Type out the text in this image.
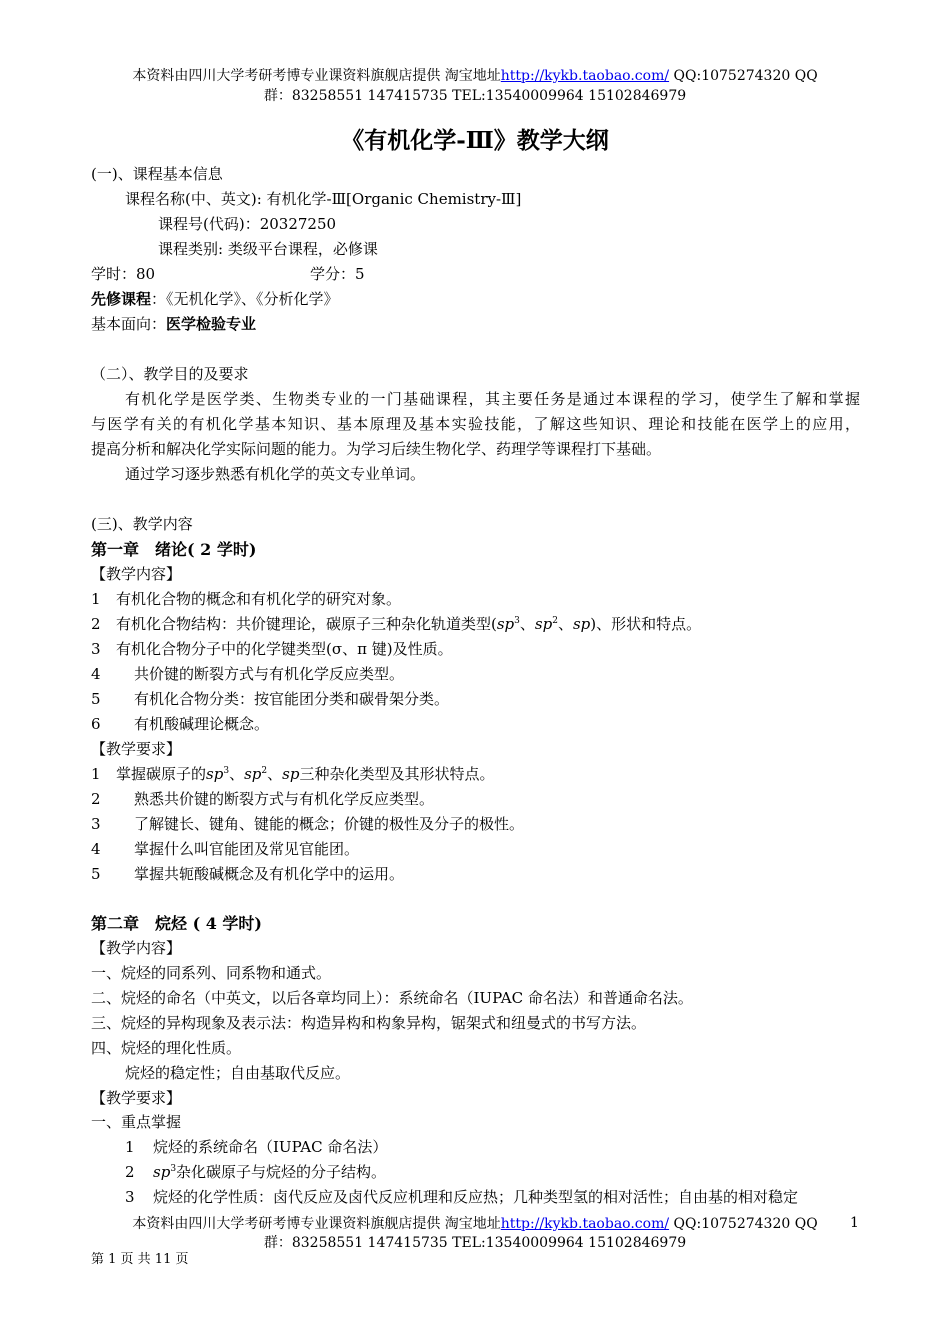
本资料由四川大学考研考博专业课资料旗舰店提供 淘宝地址http://kykb.taobao.com/ QQ:1075274320 QQ
群：83258551 147415735 TEL:13540009964 15102846979
《有机化学-Ⅲ》教学大纲
(一)、课程基本信息
课程名称(中、英文): 有机化学-Ⅲ[Organic Chemistry-Ⅲ]
课程号(代码)：20327250
课程类别: 类级平台课程，必修课
学时：80	学分：5
先修课程：《无机化学》、《分析化学》
基本面向：医学检验专业
（二）、教学目的及要求
有机化学是医学类、生物类专业的一门基础课程，其主要任务是通过本课程的学习，使学生了解和掌握
与医学有关的有机化学基本知识、基本原理及基本实验技能，了解这些知识、理论和技能在医学上的应用，
提高分析和解决化学实际问题的能力。为学习后续生物化学、药理学等课程打下基础。
通过学习逐步熟悉有机化学的英文专业单词。
(三)、教学内容
第一章　绪论( 2 学时)
【教学内容】
1 有机化合物的概念和有机化学的研究对象。
2 有机化合物结构：共价键理论，碳原子三种杂化轨道类型($sp^3$、$sp^2$、sp)、形状和特点。
3 有机化合物分子中的化学键类型(σ、π 键)及性质。
4 共价键的断裂方式与有机化学反应类型。
5 有机化合物分类：按官能团分类和碳骨架分类。
6 有机酸碱理论概念。
【教学要求】
1 掌握碳原子的$sp^3$、$sp^2$、sp三种杂化类型及其形状特点。
2 熟悉共价键的断裂方式与有机化学反应类型。
3 了解键长、键角、键能的概念；价键的极性及分子的极性。
4 掌握什么叫官能团及常见官能团。
5 掌握共轭酸碱概念及有机化学中的运用。
第二章　烷烃 ( 4 学时)
【教学内容】
一、烷烃的同系列、同系物和通式。
二、烷烃的命名（中英文，以后各章均同上）：系统命名（IUPAC 命名法）和普通命名法。
三、烷烃的异构现象及表示法：构造异构和构象异构，锯架式和纽曼式的书写方法。
四、烷烃的理化性质。
烷烃的稳定性；自由基取代反应。
【教学要求】
一、重点掌握
1 烷烃的系统命名（IUPAC 命名法）
2 $sp^3$杂化碳原子与烷烃的分子结构。
3 烷烃的化学性质：卤代反应及卤代反应机理和反应热；几种类型氢的相对活性；自由基的相对稳定
本资料由四川大学考研考博专业课资料旗舰店提供 淘宝地址http://kykb.taobao.com/ QQ:1075274320 QQ	1
群：83258551 147415735 TEL:13540009964 15102846979
第 1 页 共 11 页
